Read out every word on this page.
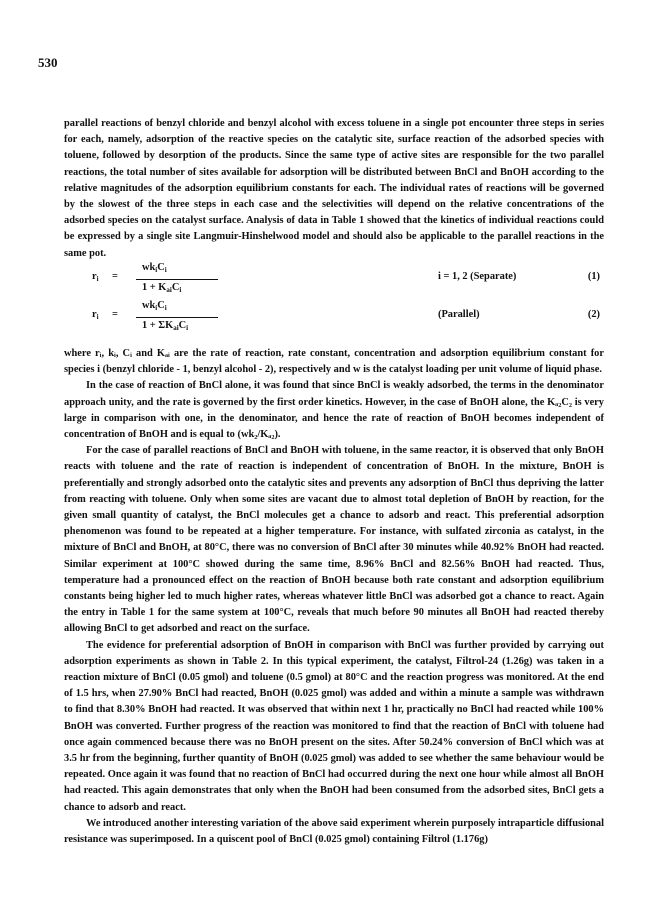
530

parallel reactions of benzyl chloride and benzyl alcohol with excess toluene in a single pot encounter three steps in series for each, namely, adsorption of the reactive species on the catalytic site, surface reaction of the adsorbed species with toluene, followed by desorption of the products. Since the same type of active sites are responsible for the two parallel reactions, the total number of sites available for adsorption will be distributed between BnCl and BnOH according to the relative magnitudes of the adsorption equilibrium constants for each. The individual rates of reactions will be governed by the slowest of the three steps in each case and the selectivities will depend on the relative concentrations of the adsorbed species on the catalyst surface. Analysis of data in Table 1 showed that the kinetics of individual reactions could be expressed by a single site Langmuir-Hinshelwood model and should also be applicable to the parallel reactions in the same pot.

$r_i$ =
$wk_iC_i$
$1 + K_{ai}C_i$
i = 1, 2 (Separate)	(1)
$r_i$ =
$wk_iC_i$
$1 + \Sigma K_{ai}C_i$
(Parallel)	(2)

where rᵢ, kᵢ, Cᵢ and Kₐᵢ are the rate of reaction, rate constant, concentration and adsorption equilibrium constant for species i (benzyl chloride - 1, benzyl alcohol - 2), respectively and w is the catalyst loading per unit volume of liquid phase.

In the case of reaction of BnCl alone, it was found that since BnCl is weakly adsorbed, the terms in the denominator approach unity, and the rate is governed by the first order kinetics. However, in the case of BnOH alone, the Kₐ₂C₂ is very large in comparison with one, in the denominator, and hence the rate of reaction of BnOH becomes independent of concentration of BnOH and is equal to (wk₂/Kₐ₂).

For the case of parallel reactions of BnCl and BnOH with toluene, in the same reactor, it is observed that only BnOH reacts with toluene and the rate of reaction is independent of concentration of BnOH. In the mixture, BnOH is preferentially and strongly adsorbed onto the catalytic sites and prevents any adsorption of BnCl thus depriving the latter from reacting with toluene. Only when some sites are vacant due to almost total depletion of BnOH by reaction, for the given small quantity of catalyst, the BnCl molecules get a chance to adsorb and react. This preferential adsorption phenomenon was found to be repeated at a higher temperature. For instance, with sulfated zirconia as catalyst, in the mixture of BnCl and BnOH, at 80°C, there was no conversion of BnCl after 30 minutes while 40.92% BnOH had reacted. Similar experiment at 100°C showed during the same time, 8.96% BnCl and 82.56% BnOH had reacted. Thus, temperature had a pronounced effect on the reaction of BnOH because both rate constant and adsorption equilibrium constants being higher led to much higher rates, whereas whatever little BnCl was adsorbed got a chance to react. Again the entry in Table 1 for the same system at 100°C, reveals that much before 90 minutes all BnOH had reacted thereby allowing BnCl to get adsorbed and react on the surface.

The evidence for preferential adsorption of BnOH in comparison with BnCl was further provided by carrying out adsorption experiments as shown in Table 2. In this typical experiment, the catalyst, Filtrol-24 (1.26g) was taken in a reaction mixture of BnCl (0.05 gmol) and toluene (0.5 gmol) at 80°C and the reaction progress was monitored. At the end of 1.5 hrs, when 27.90% BnCl had reacted, BnOH (0.025 gmol) was added and within a minute a sample was withdrawn to find that 8.30% BnOH had reacted. It was observed that within next 1 hr, practically no BnCl had reacted while 100% BnOH was converted. Further progress of the reaction was monitored to find that the reaction of BnCl with toluene had once again commenced because there was no BnOH present on the sites. After 50.24% conversion of BnCl which was at 3.5 hr from the beginning, further quantity of BnOH (0.025 gmol) was added to see whether the same behaviour would be repeated. Once again it was found that no reaction of BnCl had occurred during the next one hour while almost all BnOH had reacted. This again demonstrates that only when the BnOH had been consumed from the adsorbed sites, BnCl gets a chance to adsorb and react.

We introduced another interesting variation of the above said experiment wherein purposely intraparticle diffusional resistance was superimposed. In a quiscent pool of BnCl (0.025 gmol) containing Filtrol (1.176g)
